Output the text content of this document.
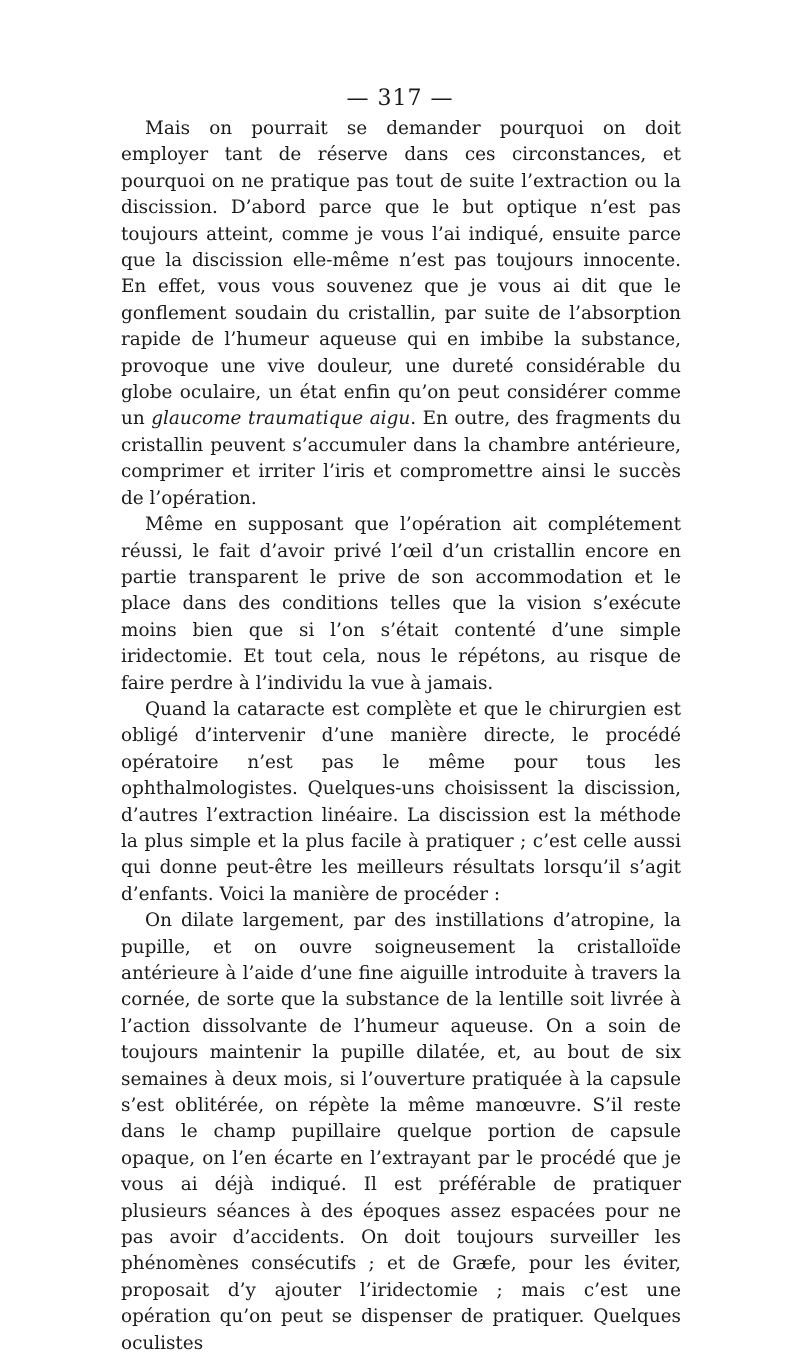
— 317 —

Mais on pourrait se demander pourquoi on doit employer tant de réserve dans ces circonstances, et pourquoi on ne pratique pas tout de suite l’extraction ou la discission. D’abord parce que le but optique n’est pas toujours atteint, comme je vous l’ai indiqué, ensuite parce que la discission elle-même n’est pas toujours innocente. En effet, vous vous souvenez que je vous ai dit que le gonflement soudain du cristallin, par suite de l’absorption rapide de l’humeur aqueuse qui en imbibe la substance, provoque une vive douleur, une dureté considérable du globe oculaire, un état enfin qu’on peut considérer comme un glaucome traumatique aigu. En outre, des fragments du cristallin peuvent s’accumuler dans la chambre antérieure, comprimer et irriter l’iris et compromettre ainsi le succès de l’opération.

Même en supposant que l’opération ait complétement réussi, le fait d’avoir privé l’œil d’un cristallin encore en partie transparent le prive de son accommodation et le place dans des conditions telles que la vision s’exécute moins bien que si l’on s’était contenté d’une simple iridectomie. Et tout cela, nous le répétons, au risque de faire perdre à l’individu la vue à jamais.

Quand la cataracte est complète et que le chirurgien est obligé d’intervenir d’une manière directe, le procédé opératoire n’est pas le même pour tous les ophthalmologistes. Quelques-uns choisissent la discission, d’autres l’extraction linéaire. La discission est la méthode la plus simple et la plus facile à pratiquer ; c’est celle aussi qui donne peut-être les meilleurs résultats lorsqu’il s’agit d’enfants. Voici la manière de procéder :

On dilate largement, par des instillations d’atropine, la pupille, et on ouvre soigneusement la cristalloïde antérieure à l’aide d’une fine aiguille introduite à travers la cornée, de sorte que la substance de la lentille soit livrée à l’action dissolvante de l’humeur aqueuse. On a soin de toujours maintenir la pupille dilatée, et, au bout de six semaines à deux mois, si l’ouverture pratiquée à la capsule s’est oblitérée, on répète la même manœuvre. S’il reste dans le champ pupillaire quelque portion de capsule opaque, on l’en écarte en l’extrayant par le procédé que je vous ai déjà indiqué. Il est préférable de pratiquer plusieurs séances à des époques assez espacées pour ne pas avoir d’accidents. On doit toujours surveiller les phénomènes consécutifs ; et de Græfe, pour les éviter, proposait d’y ajouter l’iridectomie ; mais c’est une opération qu’on peut se dispenser de pratiquer. Quelques oculistes
